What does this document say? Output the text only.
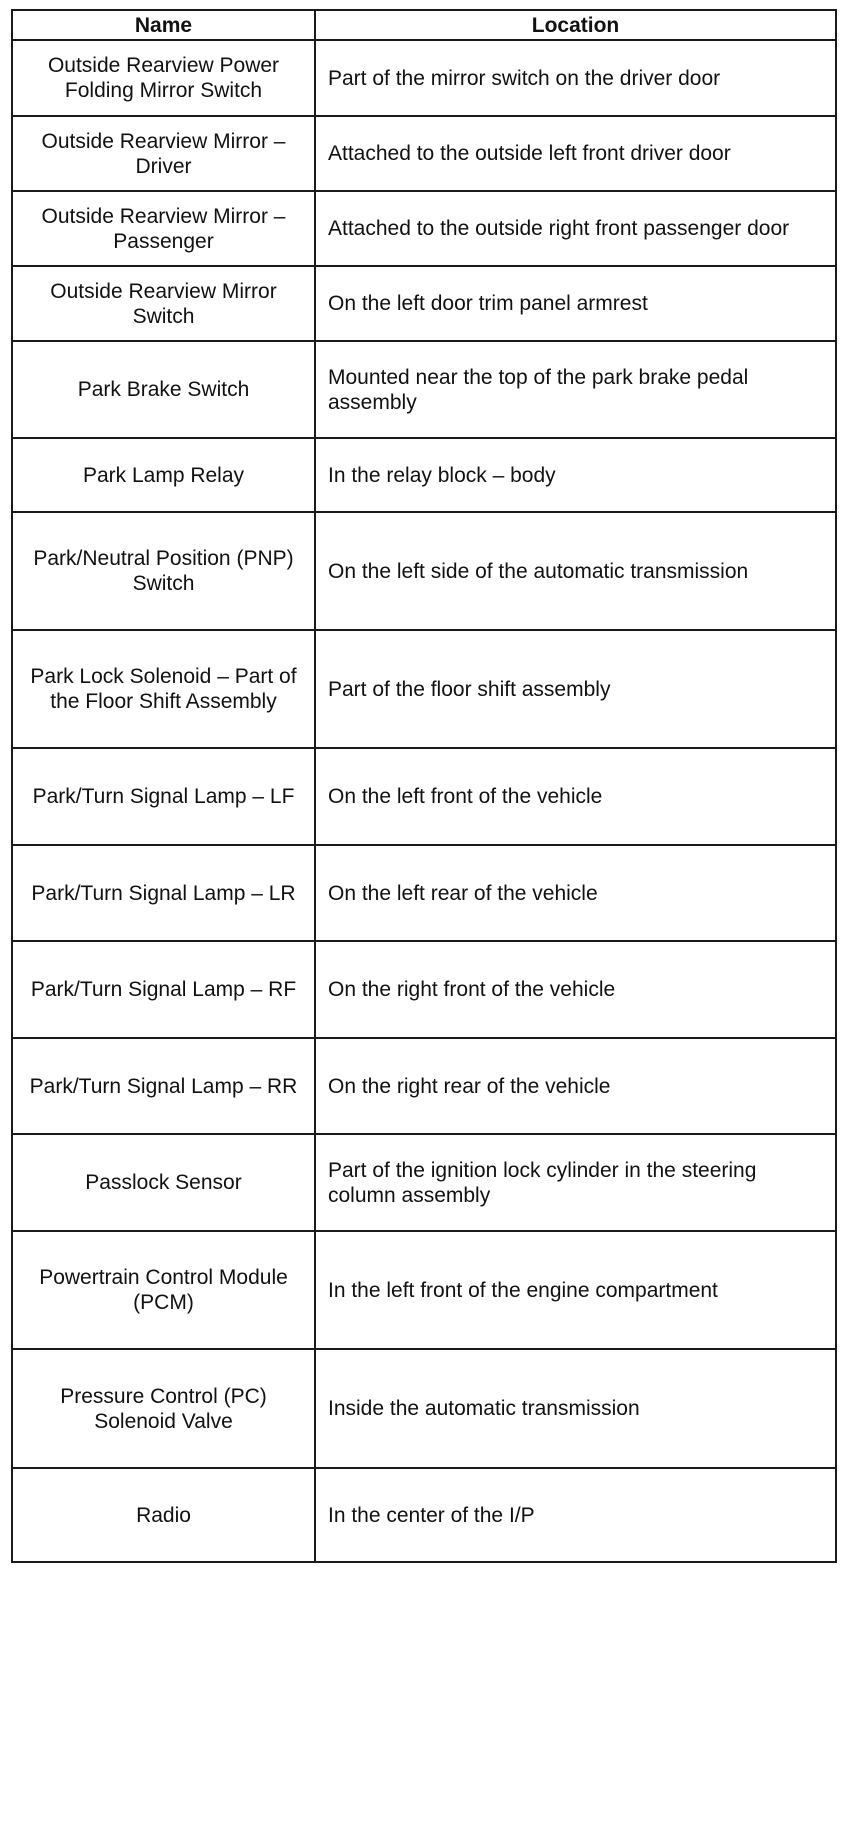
Name	Location
Outside Rearview Power Folding Mirror Switch	Part of the mirror switch on the driver door
Outside Rearview Mirror – Driver	Attached to the outside left front driver door
Outside Rearview Mirror – Passenger	Attached to the outside right front passenger door
Outside Rearview Mirror Switch	On the left door trim panel armrest
Park Brake Switch	Mounted near the top of the park brake pedal assembly
Park Lamp Relay	In the relay block – body
Park/Neutral Position (PNP) Switch	On the left side of the automatic transmission
Park Lock Solenoid – Part of the Floor Shift Assembly	Part of the floor shift assembly
Park/Turn Signal Lamp – LF	On the left front of the vehicle
Park/Turn Signal Lamp – LR	On the left rear of the vehicle
Park/Turn Signal Lamp – RF	On the right front of the vehicle
Park/Turn Signal Lamp – RR	On the right rear of the vehicle
Passlock Sensor	Part of the ignition lock cylinder in the steering column assembly
Powertrain Control Module (PCM)	In the left front of the engine compartment
Pressure Control (PC) Solenoid Valve	Inside the automatic transmission
Radio	In the center of the I/P
